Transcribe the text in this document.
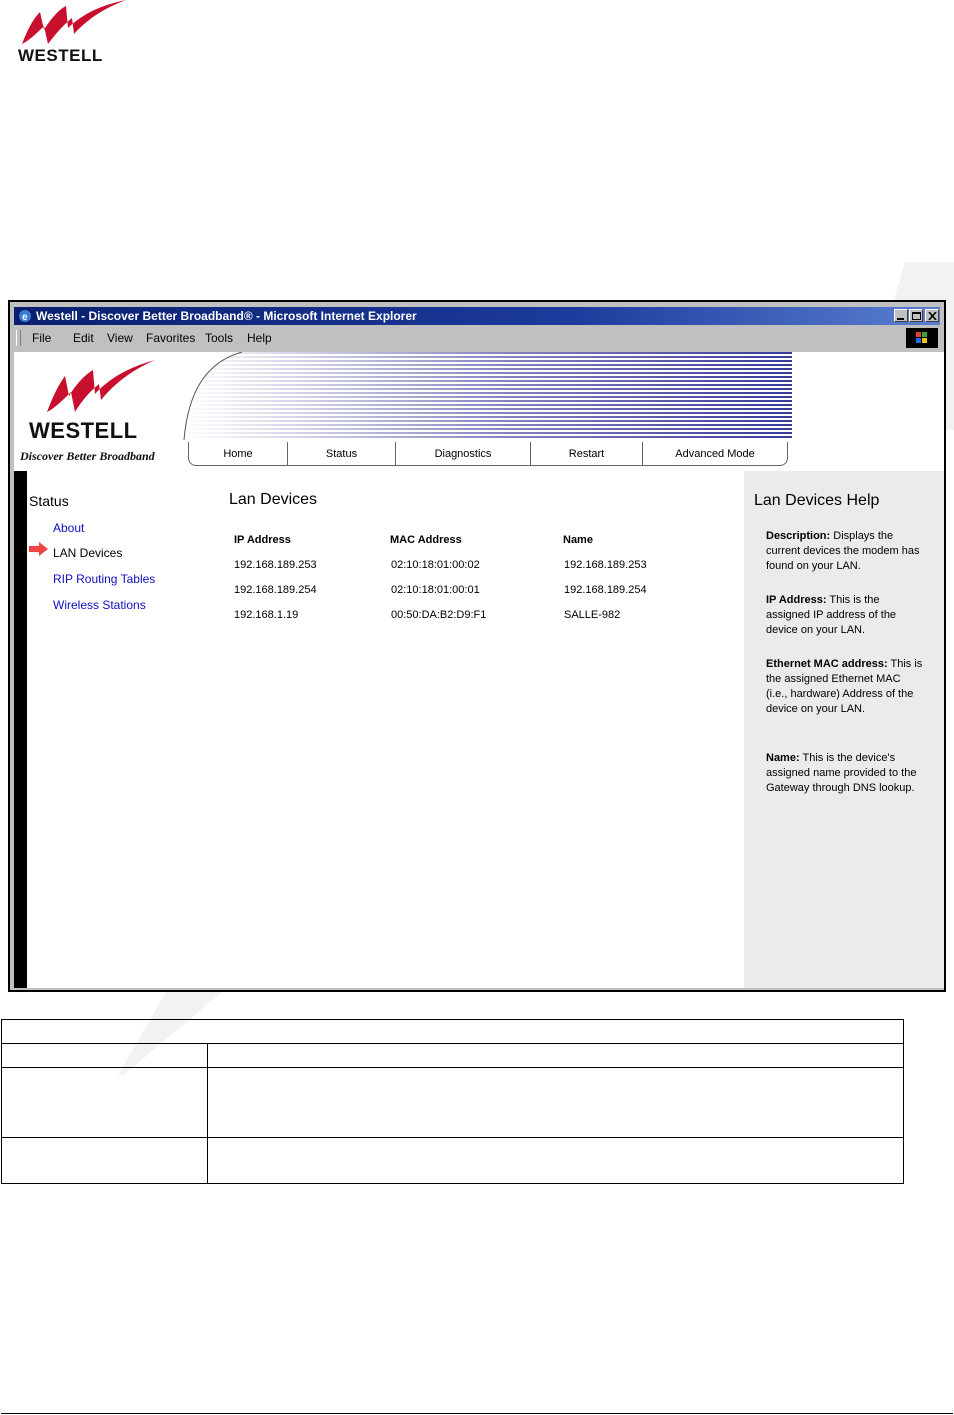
WESTELL
e Westell - Discover Better Broadband® - Microsoft Internet Explorer
File Edit View Favorites Tools Help
WESTELL
Discover Better Broadband	Home	Status	Diagnostics	Restart	Advanced Mode
Status
About
LAN Devices
RIP Routing Tables
Wireless Stations
Lan Devices
IP Address	MAC Address	Name
192.168.189.253	02:10:18:01:00:02	192.168.189.253
192.168.189.254	02:10:18:01:00:01	192.168.189.254
192.168.1.19	00:50:DA:B2:D9:F1	SALLE-982
Lan Devices Help
Description: Displays the current devices the modem has found on your LAN.
IP Address: This is the assigned IP address of the device on your LAN.
Ethernet MAC address: This is the assigned Ethernet MAC (i.e., hardware) Address of the device on your LAN.
Name: This is the device's assigned name provided to the Gateway through DNS lookup.
